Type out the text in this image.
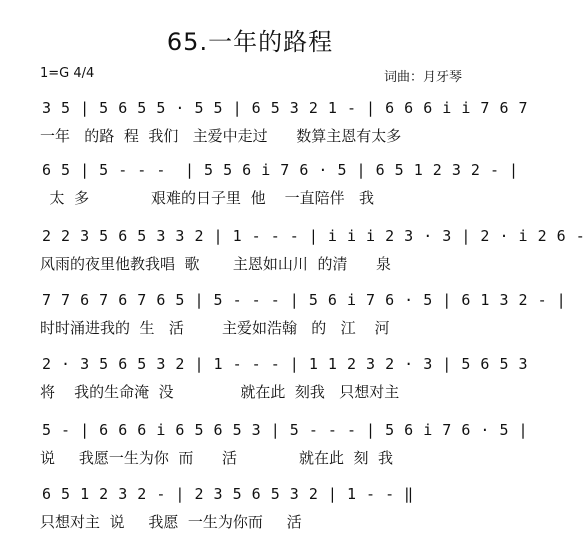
65.一年的路程
1=G 4/4	词曲：月牙琴
3 5 | 5 6 5 5 · 5 5 | 6 5 3 2 1 - | 6 6 6 i i 7 6 7
一年   的路  程  我们   主爱中走过      数算主恩有太多
6 5 | 5 - - -  | 5 5 6 i 7 6 · 5 | 6 5 1 2 3 2 - |
太  多             艰难的日子里  他    一直陪伴   我
2 2 3 5 6 5 3 3 2 | 1 - - - | i i i 2 3 · 3 | 2 · i 2 6 -
风雨的夜里他教我唱  歌       主恩如山川  的清      泉
7 7 6 7 6 7 6 5 | 5 - - - | 5 6 i 7 6 · 5 | 6 1 3 2 - |
时时涌进我的  生   活        主爱如浩翰   的   江    河
2 · 3 5 6 5 3 2 | 1 - - - | 1 1 2 3 2 · 3 | 5 6 5 3
将    我的生命淹  没              就在此  刻我   只想对主
5 - | 6 6 6 i 6 5 6 5 3 | 5 - - - | 5 6 i 7 6 · 5 |
说     我愿一生为你  而      活             就在此  刻  我
6 5 1 2 3 2 - | 2 3 5 6 5 3 2 | 1 - - ‖
只想对主  说     我愿  一生为你而     活
